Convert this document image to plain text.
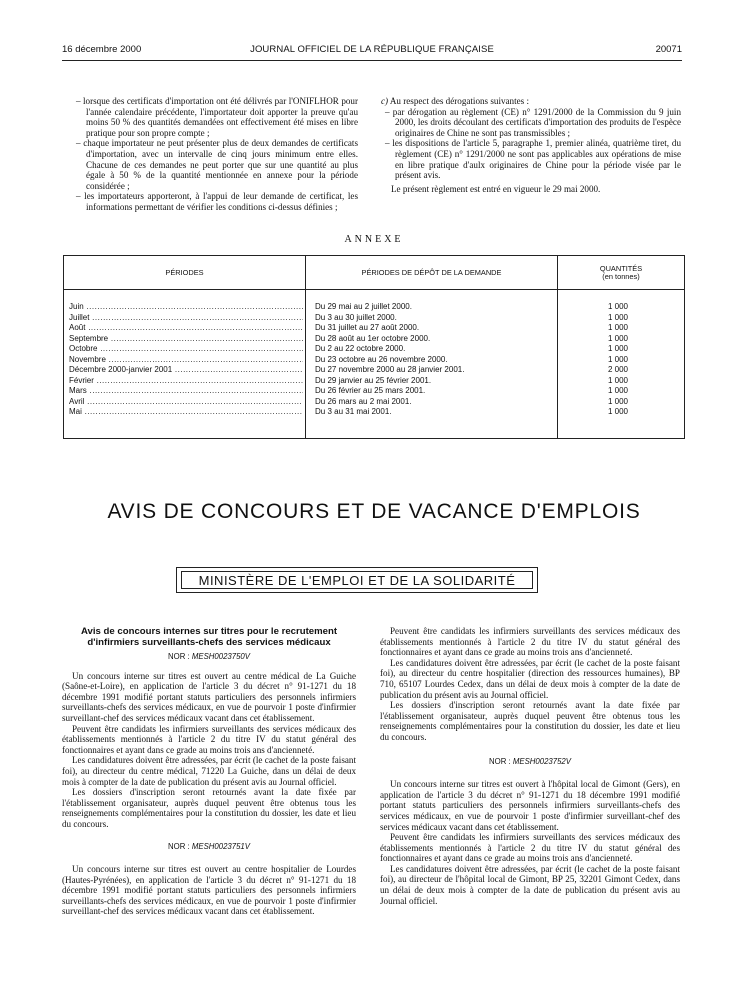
16 décembre 2000	JOURNAL OFFICIEL DE LA RÉPUBLIQUE FRANÇAISE	20071

– lorsque des certificats d'importation ont été délivrés par l'ONIFLHOR pour l'année calendaire précédente, l'importateur doit apporter la preuve qu'au moins 50 % des quantités demandées ont effectivement été mises en libre pratique pour son propre compte ;

– chaque importateur ne peut présenter plus de deux demandes de certificats d'importation, avec un intervalle de cinq jours minimum entre elles. Chacune de ces demandes ne peut porter que sur une quantité au plus égale à 50 % de la quantité mentionnée en annexe pour la période considérée ;

– les importateurs apporteront, à l'appui de leur demande de certificat, les informations permettant de vérifier les conditions ci-dessus définies ;

c) Au respect des dérogations suivantes :

– par dérogation au règlement (CE) n° 1291/2000 de la Commission du 9 juin 2000, les droits découlant des certificats d'importation des produits de l'espèce originaires de Chine ne sont pas transmissibles ;

– les dispositions de l'article 5, paragraphe 1, premier alinéa, quatrième tiret, du règlement (CE) n° 1291/2000 ne sont pas applicables aux opérations de mise en libre pratique d'aulx originaires de Chine pour la période visée par le présent avis.

Le présent règlement est entré en vigueur le 29 mai 2000.

ANNEXE
PÉRIODES	PÉRIODES DE DÉPÔT DE LA DEMANDE	QUANTITÉS
(en tonnes)
Juin .....	Du 29 mai au 2 juillet 2000.	1 000
Juillet .....	Du 3 au 30 juillet 2000.	1 000
Août .....	Du 31 juillet au 27 août 2000.	1 000
Septembre .....	Du 28 août au 1er octobre 2000.	1 000
Octobre .....	Du 2 au 22 octobre 2000.	1 000
Novembre .....	Du 23 octobre au 26 novembre 2000.	1 000
Décembre 2000-janvier 2001 .....	Du 27 novembre 2000 au 28 janvier 2001.	2 000
Février .....	Du 29 janvier au 25 février 2001.	1 000
Mars .....	Du 26 février au 25 mars 2001.	1 000
Avril .....	Du 26 mars au 2 mai 2001.	1 000
Mai .....	Du 3 au 31 mai 2001.	1 000
AVIS DE CONCOURS ET DE VACANCE D'EMPLOIS
MINISTÈRE DE L'EMPLOI ET DE LA SOLIDARITÉ
Avis de concours internes sur titres pour le recrutement d'infirmiers surveillants-chefs des services médicaux
NOR : MESH0023750V

Un concours interne sur titres est ouvert au centre médical de La Guiche (Saône-et-Loire), en application de l'article 3 du décret n° 91-1271 du 18 décembre 1991 modifié portant statuts particuliers des personnels infirmiers surveillants-chefs des services médicaux, en vue de pourvoir 1 poste d'infirmier surveillant-chef des services médicaux vacant dans cet établissement.

Peuvent être candidats les infirmiers surveillants des services médicaux des établissements mentionnés à l'article 2 du titre IV du statut général des fonctionnaires et ayant dans ce grade au moins trois ans d'ancienneté.

Les candidatures doivent être adressées, par écrit (le cachet de la poste faisant foi), au directeur du centre médical, 71220 La Guiche, dans un délai de deux mois à compter de la date de publication du présent avis au Journal officiel.

Les dossiers d'inscription seront retournés avant la date fixée par l'établissement organisateur, auprès duquel peuvent être obtenus tous les renseignements complémentaires pour la constitution du dossier, les date et lieu du concours.

NOR : MESH0023751V

Un concours interne sur titres est ouvert au centre hospitalier de Lourdes (Hautes-Pyrénées), en application de l'article 3 du décret n° 91-1271 du 18 décembre 1991 modifié portant statuts particuliers des personnels infirmiers surveillants-chefs des services médicaux, en vue de pourvoir 1 poste d'infirmier surveillant-chef des services médicaux vacant dans cet établissement.

Peuvent être candidats les infirmiers surveillants des services médicaux des établissements mentionnés à l'article 2 du titre IV du statut général des fonctionnaires et ayant dans ce grade au moins trois ans d'ancienneté.

Les candidatures doivent être adressées, par écrit (le cachet de la poste faisant foi), au directeur du centre hospitalier (direction des ressources humaines), BP 710, 65107 Lourdes Cedex, dans un délai de deux mois à compter de la date de publication du présent avis au Journal officiel.

Les dossiers d'inscription seront retournés avant la date fixée par l'établissement organisateur, auprès duquel peuvent être obtenus tous les renseignements complémentaires pour la constitution du dossier, les date et lieu du concours.

NOR : MESH0023752V

Un concours interne sur titres est ouvert à l'hôpital local de Gimont (Gers), en application de l'article 3 du décret n° 91-1271 du 18 décembre 1991 modifié portant statuts particuliers des personnels infirmiers surveillants-chefs des services médicaux, en vue de pourvoir 1 poste d'infirmier surveillant-chef des services médicaux vacant dans cet établissement.

Peuvent être candidats les infirmiers surveillants des services médicaux des établissements mentionnés à l'article 2 du titre IV du statut général des fonctionnaires et ayant dans ce grade au moins trois ans d'ancienneté.

Les candidatures doivent être adressées, par écrit (le cachet de la poste faisant foi), au directeur de l'hôpital local de Gimont, BP 25, 32201 Gimont Cedex, dans un délai de deux mois à compter de la date de publication du présent avis au Journal officiel.
